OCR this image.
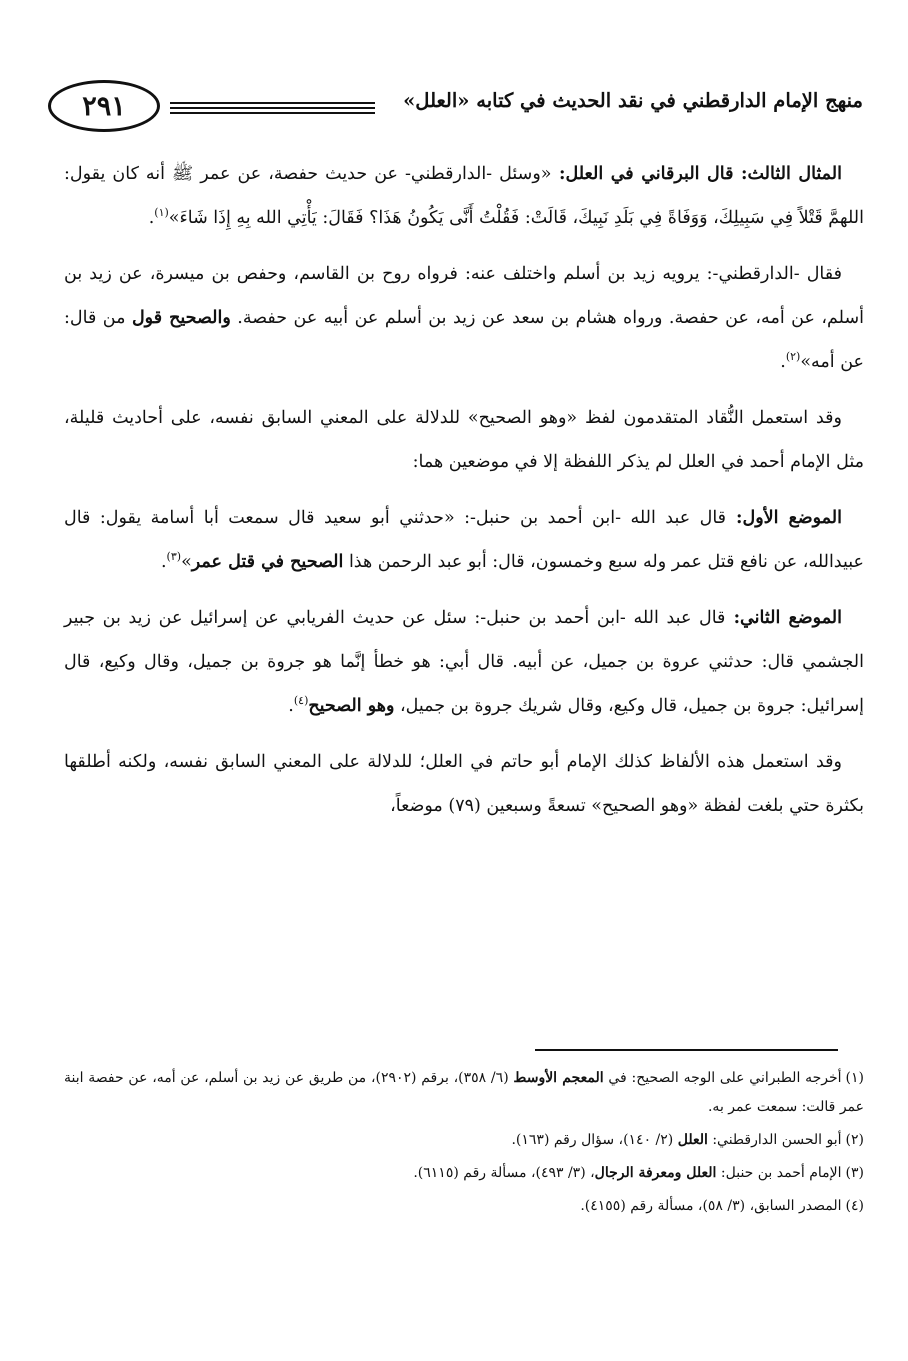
٢٩١	منهج الإمام الدارقطني في نقد الحديث في كتابه «العلل»

المثال الثالث: قال البرقاني في العلل: «وسئل -الدارقطني- عن حديث حفصة، عن عمر ﷺ أنه كان يقول: اللهمَّ قَتْلاً فِي سَبِيلِكَ، وَوَفَاةً فِي بَلَدِ نَبِيكَ، قَالَتْ: فَقُلْتُ أَنَّى يَكُونُ هَذَا؟ فَقَالَ: يَأْتِي الله بِهِ إِذَا شَاءَ»$^{(١)}$.

فقال -الدارقطني-: يرويه زيد بن أسلم واختلف عنه: فرواه روح بن القاسم، وحفص بن ميسرة، عن زيد بن أسلم، عن أمه، عن حفصة. ورواه هشام بن سعد عن زيد بن أسلم عن أبيه عن حفصة. والصحيح قول من قال: عن أمه»$^{(٢)}$.

وقد استعمل النُّقاد المتقدمون لفظ «وهو الصحيح» للدلالة على المعني السابق نفسه، على أحاديث قليلة، مثل الإمام أحمد في العلل لم يذكر اللفظة إلا في موضعين هما:

الموضع الأول: قال عبد الله -ابن أحمد بن حنبل-: «حدثني أبو سعيد قال سمعت أبا أسامة يقول: قال عبيدالله، عن نافع قتل عمر وله سبع وخمسون، قال: أبو عبد الرحمن هذا الصحيح في قتل عمر»$^{(٣)}$.

الموضع الثاني: قال عبد الله -ابن أحمد بن حنبل-: سئل عن حديث الفريابي عن إسرائيل عن زيد بن جبير الجشمي قال: حدثني عروة بن جميل، عن أبيه. قال أبي: هو خطأ إنَّما هو جروة بن جميل، وقال وكيع، قال إسرائيل: جروة بن جميل، قال وكيع، وقال شريك جروة بن جميل، وهو الصحيح$^{(٤)}$.

وقد استعمل هذه الألفاظ كذلك الإمام أبو حاتم في العلل؛ للدلالة على المعني السابق نفسه، ولكنه أطلقها بكثرة حتي بلغت لفظة «وهو الصحيح» تسعةً وسبعين (٧٩) موضعاً،

(١)أخرجه الطبراني على الوجه الصحيح: في المعجم الأوسط (٦/ ٣٥٨)، برقم (٢٩٠٢)، من طريق عن زيد بن أسلم، عن أمه، عن حفصة ابنة عمر قالت: سمعت عمر به.
(٢)أبو الحسن الدارقطني: العلل (٢/ ١٤٠)، سؤال رقم (١٦٣).
(٣)الإمام أحمد بن حنبل: العلل ومعرفة الرجال، (٣/ ٤٩٣)، مسألة رقم (٦١١٥).
(٤)المصدر السابق، (٣/ ٥٨)، مسألة رقم (٤١٥٥).
